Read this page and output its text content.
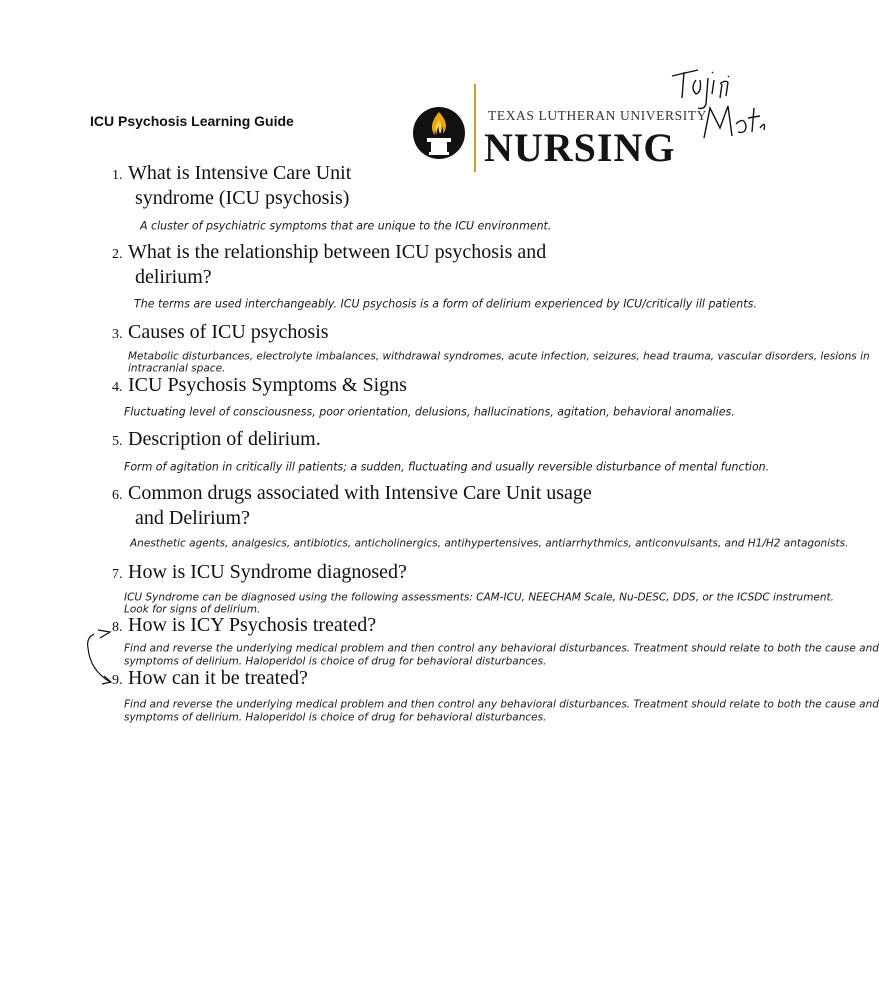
ICU Psychosis Learning Guide	TEXAS LUTHERAN UNIVERSITY
NURSING
1. What is Intensive Care Unit
syndrome (ICU psychosis)
A cluster of psychiatric symptoms that are unique to the ICU environment.
2. What is the relationship between ICU psychosis and
delirium?
The terms are used interchangeably. ICU psychosis is a form of delirium experienced by ICU/critically ill patients.
3. Causes of ICU psychosis
Metabolic disturbances, electrolyte imbalances, withdrawal syndromes, acute infection, seizures, head trauma, vascular disorders, lesions in
intracranial space.
4. ICU Psychosis Symptoms & Signs
Fluctuating level of consciousness, poor orientation, delusions, hallucinations, agitation, behavioral anomalies.
5. Description of delirium.
Form of agitation in critically ill patients; a sudden, fluctuating and usually reversible disturbance of mental function.
6. Common drugs associated with Intensive Care Unit usage
and Delirium?
Anesthetic agents, analgesics, antibiotics, anticholinergics, antihypertensives, antiarrhythmics, anticonvulsants, and H1/H2 antagonists.
7. How is ICU Syndrome diagnosed?
ICU Syndrome can be diagnosed using the following assessments: CAM-ICU, NEECHAM Scale, Nu-DESC, DDS, or the ICSDC instrument.
Look for signs of delirium.
8. How is ICY Psychosis treated?
Find and reverse the underlying medical problem and then control any behavioral disturbances. Treatment should relate to both the cause and
symptoms of delirium. Haloperidol is choice of drug for behavioral disturbances.
9. How can it be treated?
Find and reverse the underlying medical problem and then control any behavioral disturbances. Treatment should relate to both the cause and
symptoms of delirium. Haloperidol is choice of drug for behavioral disturbances.
